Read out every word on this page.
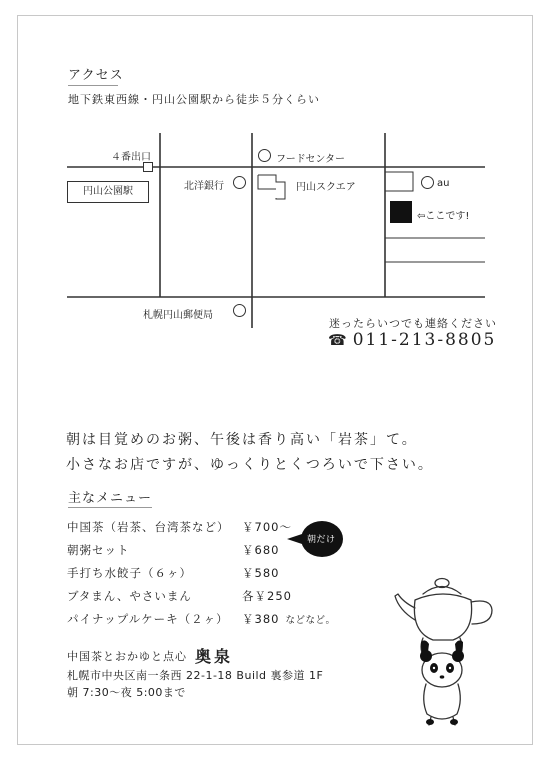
アクセス
地下鉄東西線・円山公園駅から徒歩５分くらい
４番出口
円山公園駅
フードセンター
北洋銀行	円山スクエア	au
⇦ここです!
札幌円山郵便局
迷ったらいつでも連絡ください
☎ 011-213-8805
朝は目覚めのお粥、午後は香り高い「岩茶」て。
小さなお店ですが、ゆっくりとくつろいで下さい。
主なメニュー
中国茶（岩茶、台湾茶など） ￥700～
朝粥セット	￥680
手打ち水餃子（６ヶ）	￥580
ブタまん、やさいまん	各￥250
パイナップルケーキ（２ヶ） ￥380 などなど。
朝だけ
中国茶とおかゆと点心 奥泉
札幌市中央区南一条西 22-1-18 Build 裏参道 1F
朝 7:30～夜 5:00まで
